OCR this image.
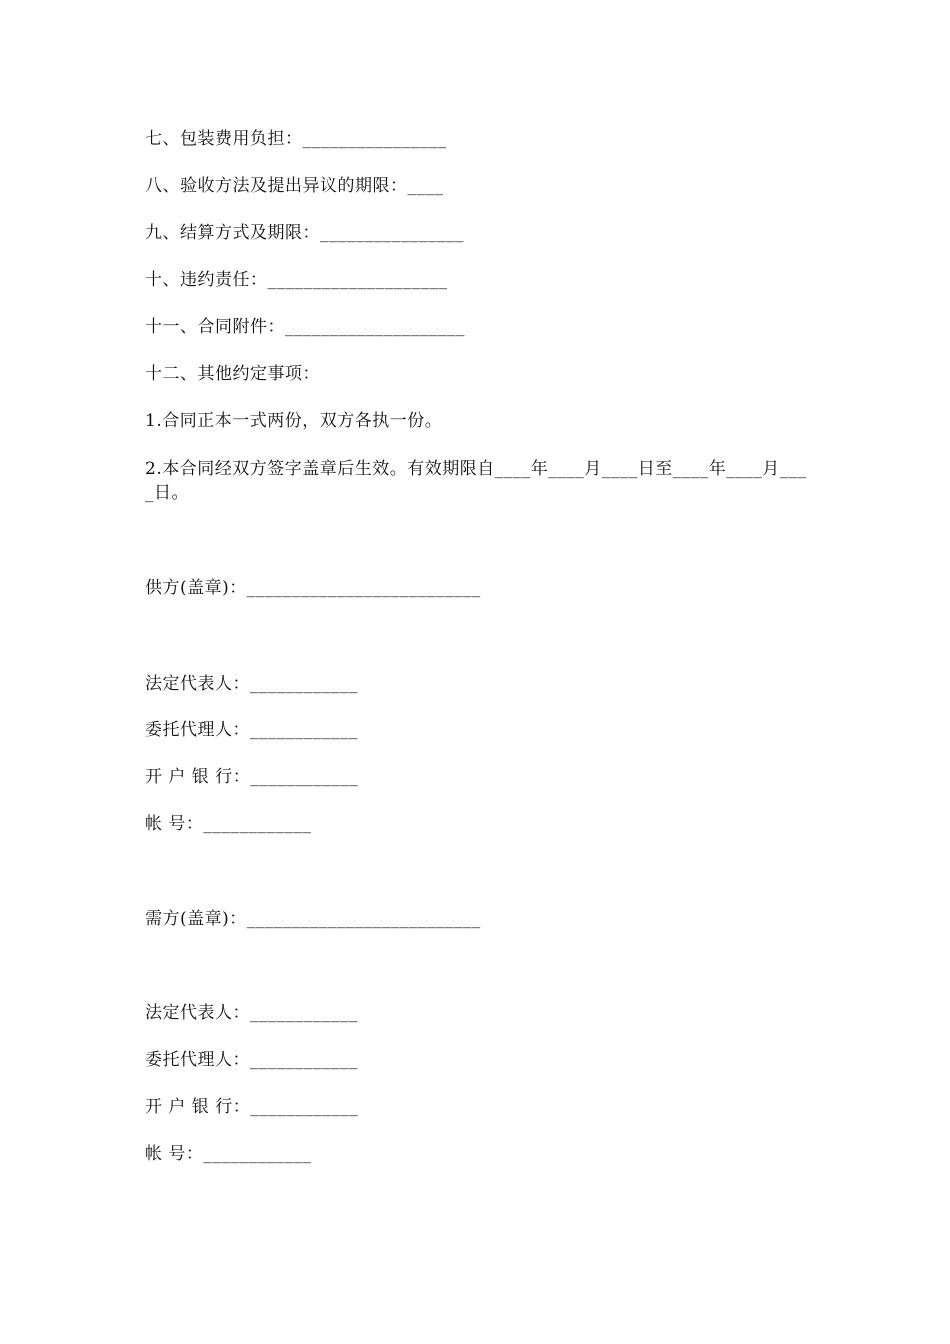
七、包装费用负担：________________
八、验收方法及提出异议的期限：____
九、结算方式及期限：________________
十、违约责任：____________________
十一、合同附件：____________________
十二、其他约定事项：
1.合同正本一式两份，双方各执一份。
2.本合同经双方签字盖章后生效。有效期限自____年____月____日至____年____月____日。
供方(盖章)：__________________________
法定代表人：____________
委托代理人：____________
开 户 银 行：____________
帐 号：____________
需方(盖章)：__________________________
法定代表人：____________
委托代理人：____________
开 户 银 行：____________
帐 号：____________
